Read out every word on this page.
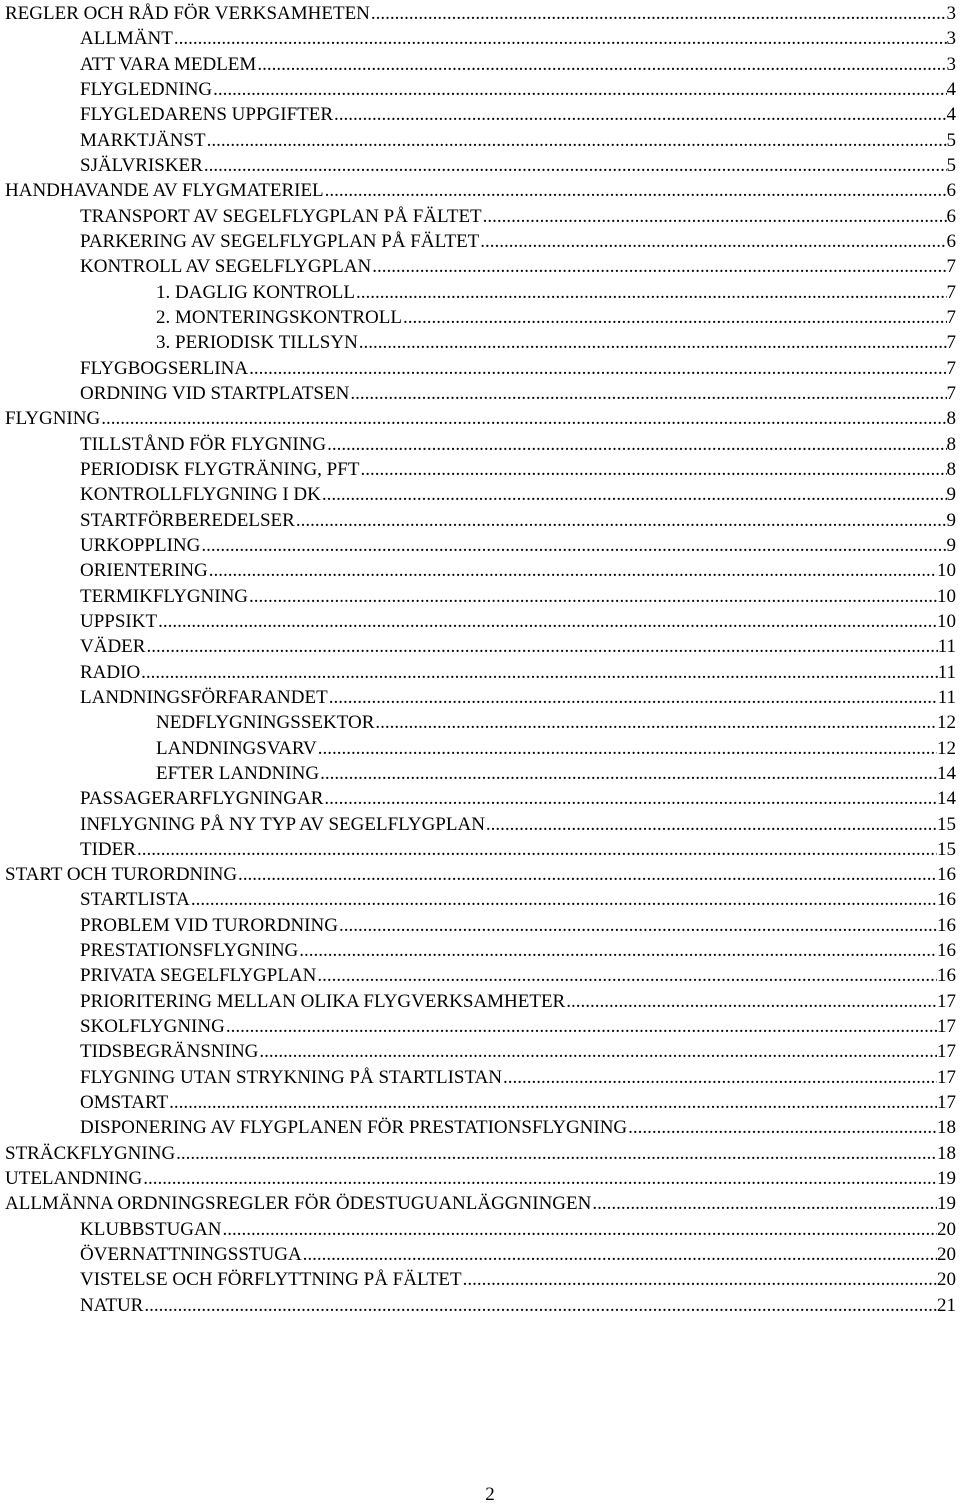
REGLER OCH RÅD FÖR VERKSAMHETEN .....	3
ALLMÄNT .....	3
ATT VARA MEDLEM .....	3
FLYGLEDNING .....	4
FLYGLEDARENS UPPGIFTER .....	4
MARKTJÄNST .....	5
SJÄLVRISKER .....	5
HANDHAVANDE AV FLYGMATERIEL .....	6
TRANSPORT AV SEGELFLYGPLAN PÅ FÄLTET .....	6
PARKERING AV SEGELFLYGPLAN PÅ FÄLTET .....	6
KONTROLL AV SEGELFLYGPLAN .....	7
1. DAGLIG KONTROLL .....	7
2. MONTERINGSKONTROLL .....	7
3. PERIODISK TILLSYN .....	7
FLYGBOGSERLINA .....	7
ORDNING VID STARTPLATSEN .....	7
FLYGNING .....	8
TILLSTÅND FÖR FLYGNING .....	8
PERIODISK FLYGTRÄNING, PFT .....	8
KONTROLLFLYGNING I DK .....	9
STARTFÖRBEREDELSER .....	9
URKOPPLING .....	9
ORIENTERING .....	10
TERMIKFLYGNING .....	10
UPPSIKT .....	10
VÄDER .....	11
RADIO .....	11
LANDNINGSFÖRFARANDET .....	11
NEDFLYGNINGSSEKTOR .....	12
LANDNINGSVARV .....	12
EFTER LANDNING .....	14
PASSAGERARFLYGNINGAR .....	14
INFLYGNING PÅ NY TYP AV SEGELFLYGPLAN .....	15
TIDER .....	15
START OCH TURORDNING .....	16
STARTLISTA .....	16
PROBLEM VID TURORDNING .....	16
PRESTATIONSFLYGNING .....	16
PRIVATA SEGELFLYGPLAN .....	16
PRIORITERING MELLAN OLIKA FLYGVERKSAMHETER .....	17
SKOLFLYGNING .....	17
TIDSBEGRÄNSNING .....	17
FLYGNING UTAN STRYKNING PÅ STARTLISTAN .....	17
OMSTART .....	17
DISPONERING AV FLYGPLANEN FÖR PRESTATIONSFLYGNING .....	18
STRÄCKFLYGNING .....	18
UTELANDNING .....	19
ALLMÄNNA ORDNINGSREGLER FÖR ÖDESTUGUANLÄGGNINGEN .....	19
KLUBBSTUGAN .....	20
ÖVERNATTNINGSSTUGA .....	20
VISTELSE OCH FÖRFLYTTNING PÅ FÄLTET .....	20
NATUR .....	21
2
